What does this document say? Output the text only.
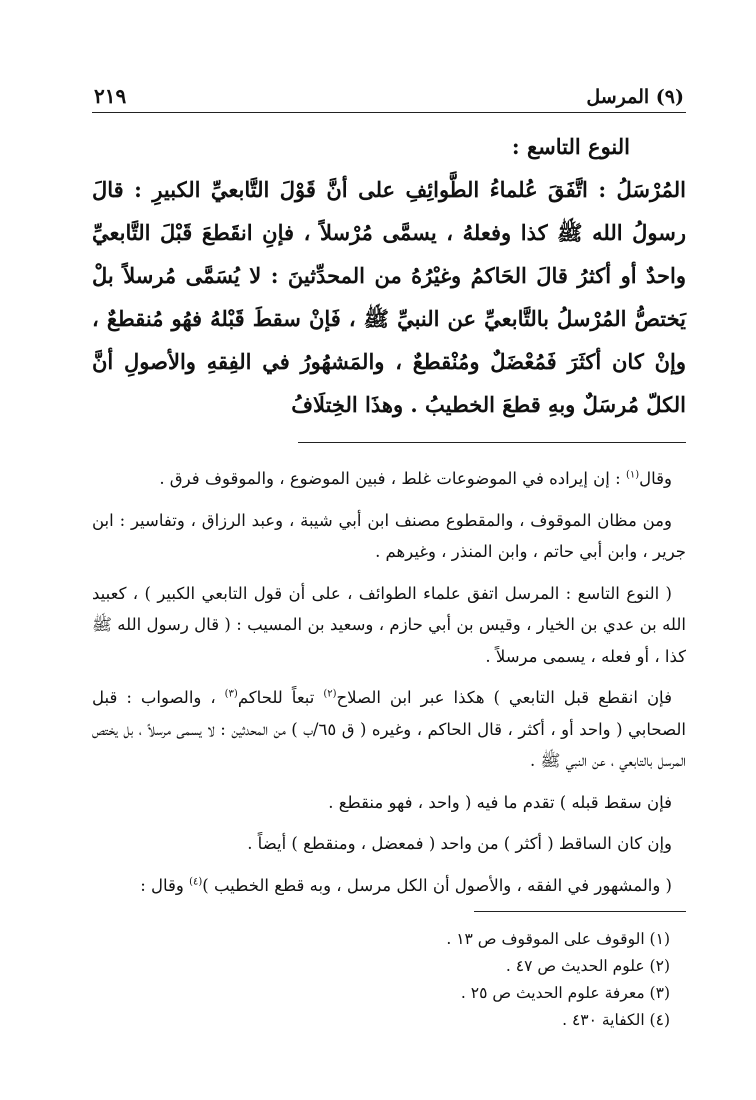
(٩) المرسل
٢١٩
النوع التاسع :
المُرْسَلُ : اتَّفَقَ عُلماءُ الطَّوائِفِ على أنَّ قَوْلَ التَّابعيِّ الكبيرِ : قالَ رسولُ الله ﷺ كذا وفعلهُ ، يسمَّى مُرْسلاً ، فإنِ انقَطعَ قَبْلَ التَّابعيِّ واحدٌ أو أكثرُ قالَ الحَاكمُ وغيْرُهُ من المحدِّثينَ : لا يُسَمَّى مُرسلاً بلْ يَختصُّ المُرْسلُ بالتَّابعيِّ عن النبيِّ ﷺ ، فَإنْ سقطَ قَبْلهُ فهُو مُنقطعٌ ، وإنْ كان أكثَرَ فَمُعْضَلٌ ومُنْقطعٌ ، والمَشهُورُ في الفِقهِ والأصولِ أنَّ الكلّ مُرسَلٌ وبهِ قطعَ الخطيبُ . وهذَا الخِتلَافُ

وقال$^{(١)}$ : إن إيراده في الموضوعات غلط ، فبين الموضوع ، والموقوف فرق .

ومن مظان الموقوف ، والمقطوع مصنف ابن أبي شيبة ، وعبد الرزاق ، وتفاسير : ابن جرير ، وابن أبي حاتم ، وابن المنذر ، وغيرهم .

( النوع التاسع : المرسل اتفق علماء الطوائف ، على أن قول التابعي الكبير ) ، كعبيد الله بن عدي بن الخيار ، وقيس بن أبي حازم ، وسعيد بن المسيب : ( قال رسول الله ﷺ كذا ، أو فعله ، يسمى مرسلاً .

فإن انقطع قبل التابعي ) هكذا عبر ابن الصلاح$^{(٢)}$ تبعاً للحاكم$^{(٣)}$ ، والصواب : قبل الصحابي ( واحد أو ، أكثر ، قال الحاكم ، وغيره ( ق ٦٥/ب ) من المحدثين : لا يسمى مرسلاً ، بل يختص المرسل بالتابعي ، عن النبي ﷺ .

فإن سقط قبله ) تقدم ما فيه ( واحد ، فهو منقطع .

وإن كان الساقط ( أكثر ) من واحد ( فمعضل ، ومنقطع ) أيضاً .

( والمشهور في الفقه ، والأصول أن الكل مرسل ، وبه قطع الخطيب )$^{(٤)}$ وقال :

(١) الوقوف على الموقوف ص ١٣ .
(٢) علوم الحديث ص ٤٧ .
(٣) معرفة علوم الحديث ص ٢٥ .
(٤) الكفاية ٤٣٠ .
